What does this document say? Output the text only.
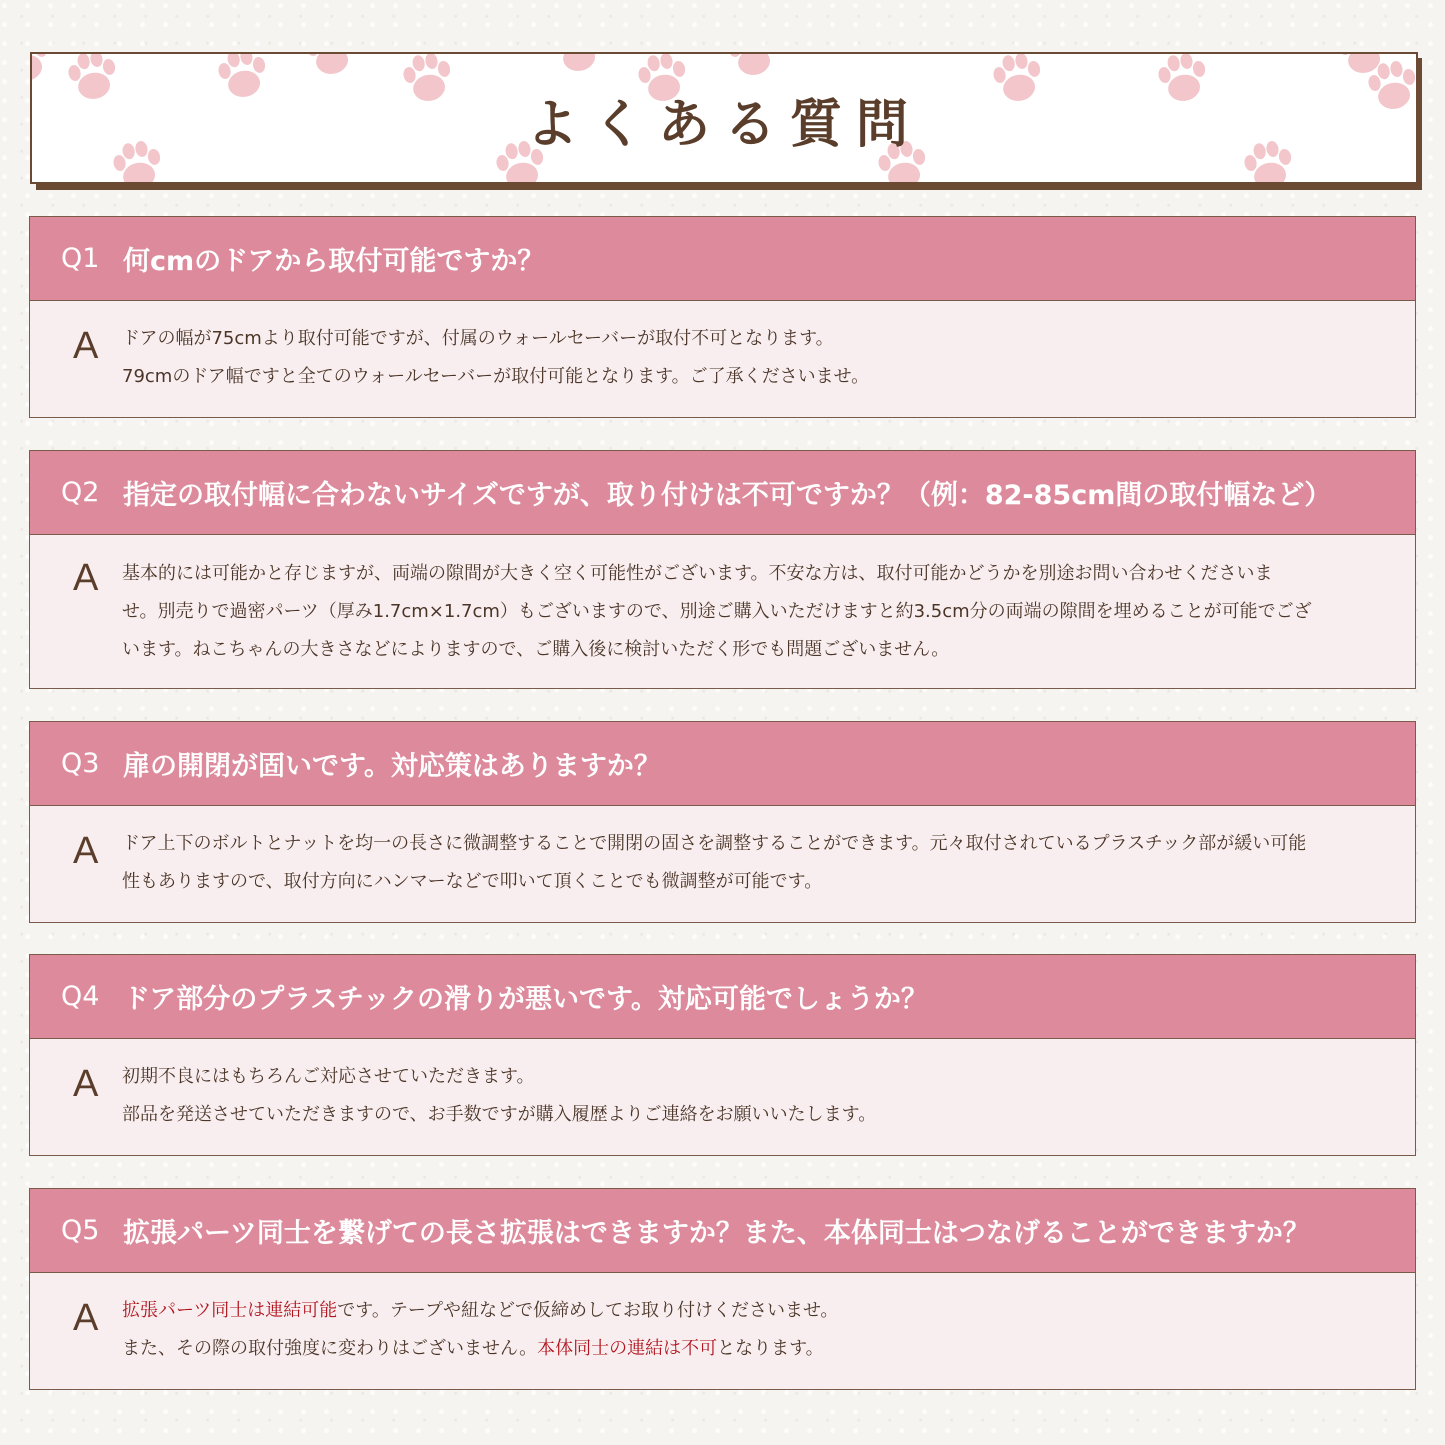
よくある質問
Q1 何cmのドアから取付可能ですか？
A ドアの幅が75cmより取付可能ですが、付属のウォールセーバーが取付不可となります。
79cmのドア幅ですと全てのウォールセーバーが取付可能となります。ご了承くださいませ。
Q2 指定の取付幅に合わないサイズですが、取り付けは不可ですか？（例：82-85cm間の取付幅など）
A 基本的には可能かと存じますが、両端の隙間が大きく空く可能性がございます。不安な方は、取付可能かどうかを別途お問い合わせくださいま
せ。別売りで過密パーツ（厚み1.7cm×1.7cm）もございますので、別途ご購入いただけますと約3.5cm分の両端の隙間を埋めることが可能でござ
います。ねこちゃんの大きさなどによりますので、ご購入後に検討いただく形でも問題ございません。
Q3 扉の開閉が固いです。対応策はありますか？
A ドア上下のボルトとナットを均一の長さに微調整することで開閉の固さを調整することができます。元々取付されているプラスチック部が緩い可能
性もありますので、取付方向にハンマーなどで叩いて頂くことでも微調整が可能です。
Q4 ドア部分のプラスチックの滑りが悪いです。対応可能でしょうか？
A 初期不良にはもちろんご対応させていただきます。
部品を発送させていただきますので、お手数ですが購入履歴よりご連絡をお願いいたします。
Q5 拡張パーツ同士を繋げての長さ拡張はできますか？また、本体同士はつなげることができますか？
A 拡張パーツ同士は連結可能です。テープや紐などで仮締めしてお取り付けくださいませ。
また、その際の取付強度に変わりはございません。本体同士の連結は不可となります。
